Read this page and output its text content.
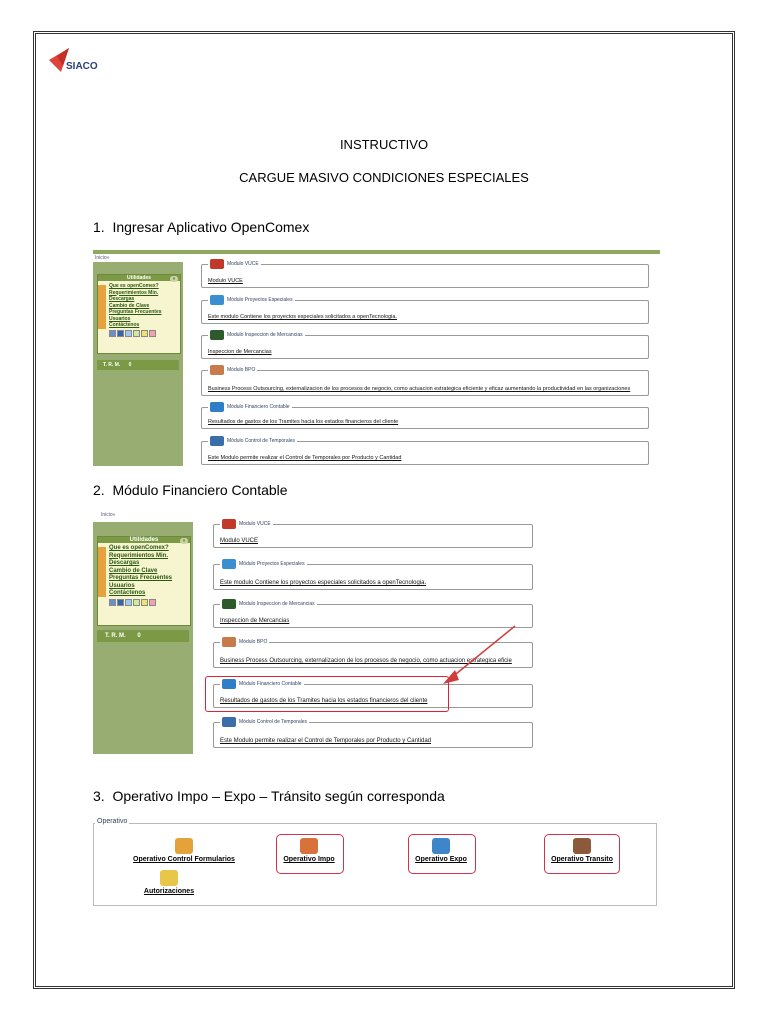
SIACO
INSTRUCTIVO
CARGUE MASIVO CONDICIONES ESPECIALES
1. Ingresar Aplicativo OpenComex
Inicio»
Utilidades	»
Que es openComex?
Requerimientos Min.
Descargas
Cambio de Clave
Preguntas Frecuentes
Usuarios
Contáctenos
T. R. M. 0
Modulo VUCE
Modulo VUCE
Módulo Proyectos Especiales
Este modulo Contiene los proyectos especiales solicitados a openTecnologia.
Modulo Inspeccion de Mercancias
Inspeccion de Mercancias
Módulo BPO
Business Process Outsourcing, externalizacion de los procesos de negocio, como actuacion estrategica eficiente y eficaz aumentando la productividad en las organizaciones
Módulo Financiero Contable
Resultados de gastos de los Tramites hacia los estados financieros del cliente
Módulo Control de Temporales
Este Modulo permite realizar el Control de Temporales por Producto y Cantidad
2. Módulo Financiero Contable
Inicio»
Utilidades	»
Que es openComex?
Requerimientos Min.
Descargas
Cambio de Clave
Preguntas Frecuentes
Usuarios
Contáctenos
T. R. M. 0
Modulo VUCE
Modulo VUCE
Módulo Proyectos Especiales
Este modulo Contiene los proyectos especiales solicitados a openTecnologia.
Modulo Inspeccion de Mercancias
Inspeccion de Mercancias
Módulo BPO
Business Process Outsourcing, externalizacion de los procesos de negocio, como actuacion estrategica eficie
Módulo Financiero Contable
Resultados de gastos de los Tramites hacia los estados financieros del cliente
Módulo Control de Temporales
Este Modulo permite realizar el Control de Temporales por Producto y Cantidad
3. Operativo Impo – Expo – Tránsito según corresponda
Operativo
Operativo Control Formularios	Operativo Impo	Operativo Expo	Operativo Transito
Autorizaciones
